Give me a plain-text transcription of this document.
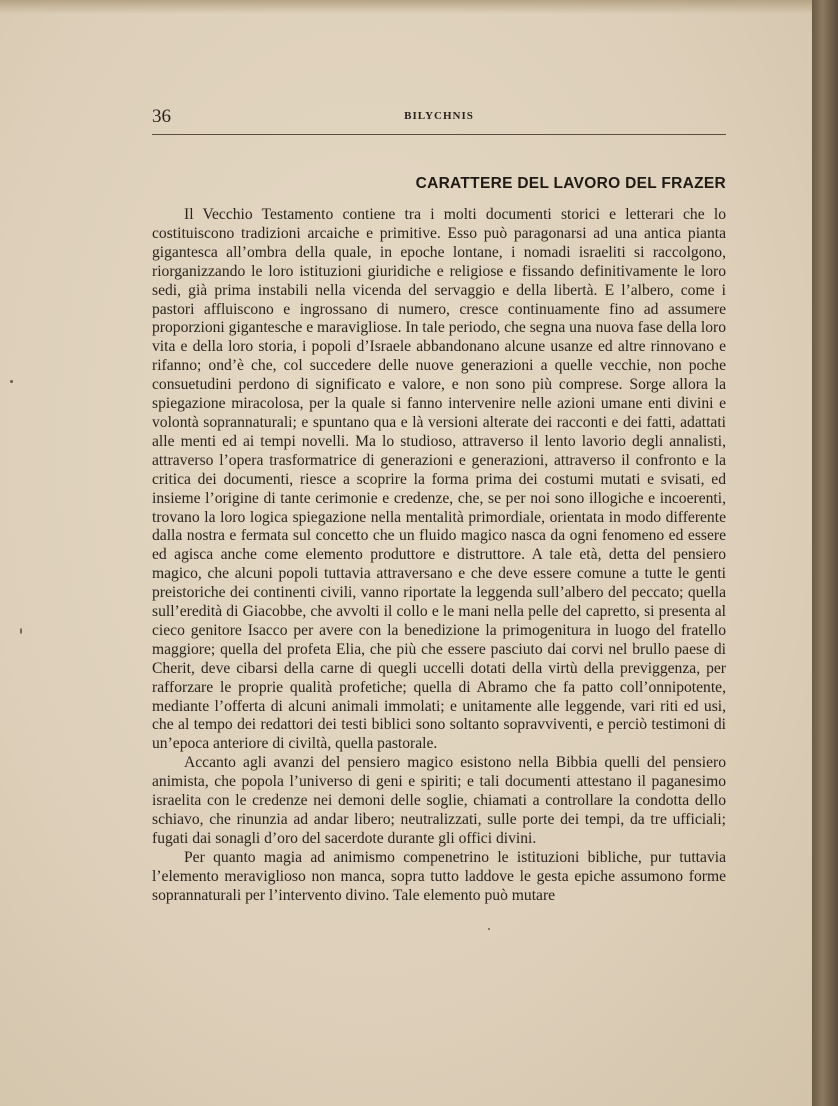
36	BILYCHNIS
CARATTERE DEL LAVORO DEL FRAZER

Il Vecchio Testamento contiene tra i molti documenti storici e letterari che lo costituiscono tradizioni arcaiche e primitive. Esso può paragonarsi ad una antica pianta gigantesca all’ombra della quale, in epoche lontane, i nomadi israeliti si raccolgono, riorganizzando le loro istituzioni giuridiche e religiose e fissando definitivamente le loro sedi, già prima instabili nella vicenda del servaggio e della libertà. E l’albero, come i pastori affluiscono e ingrossano di numero, cresce continuamente fino ad assumere proporzioni gigantesche e maravigliose. In tale periodo, che segna una nuova fase della loro vita e della loro storia, i popoli d’Israele abbandonano alcune usanze ed altre rinnovano e rifanno; ond’è che, col succedere delle nuove generazioni a quelle vecchie, non poche consuetudini perdono di significato e valore, e non sono più comprese. Sorge allora la spiegazione miracolosa, per la quale si fanno intervenire nelle azioni umane enti divini e volontà soprannaturali; e spuntano qua e là versioni alterate dei racconti e dei fatti, adattati alle menti ed ai tempi novelli. Ma lo studioso, attraverso il lento lavorio degli annalisti, attraverso l’opera trasformatrice di generazioni e generazioni, attraverso il confronto e la critica dei documenti, riesce a scoprire la forma prima dei costumi mutati e svisati, ed insieme l’origine di tante cerimonie e credenze, che, se per noi sono illogiche e incoerenti, trovano la loro logica spiegazione nella mentalità primordiale, orientata in modo differente dalla nostra e fermata sul concetto che un fluido magico nasca da ogni fenomeno ed essere ed agisca anche come elemento produttore e distruttore. A tale età, detta del pensiero magico, che alcuni popoli tuttavia attraversano e che deve essere comune a tutte le genti preistoriche dei continenti civili, vanno riportate la leggenda sull’albero del peccato; quella sull’eredità di Giacobbe, che avvolti il collo e le mani nella pelle del capretto, si presenta al cieco genitore Isacco per avere con la benedizione la primogenitura in luogo del fratello maggiore; quella del profeta Elia, che più che essere pasciuto dai corvi nel brullo paese di Cherit, deve cibarsi della carne di quegli uccelli dotati della virtù della previggenza, per rafforzare le proprie qualità profetiche; quella di Abramo che fa patto coll’onnipotente, mediante l’offerta di alcuni animali immolati; e unitamente alle leggende, vari riti ed usi, che al tempo dei redattori dei testi biblici sono soltanto sopravviventi, e perciò testimoni di un’epoca anteriore di civiltà, quella pastorale.

Accanto agli avanzi del pensiero magico esistono nella Bibbia quelli del pensiero animista, che popola l’universo di geni e spiriti; e tali documenti attestano il paganesimo israelita con le credenze nei demoni delle soglie, chiamati a controllare la condotta dello schiavo, che rinunzia ad andar libero; neutralizzati, sulle porte dei tempi, da tre ufficiali; fugati dai sonagli d’oro del sacerdote durante gli offici divini.

Per quanto magia ad animismo compenetrino le istituzioni bibliche, pur tuttavia l’elemento meraviglioso non manca, sopra tutto laddove le gesta epiche assumono forme soprannaturali per l’intervento divino. Tale elemento può mutare
